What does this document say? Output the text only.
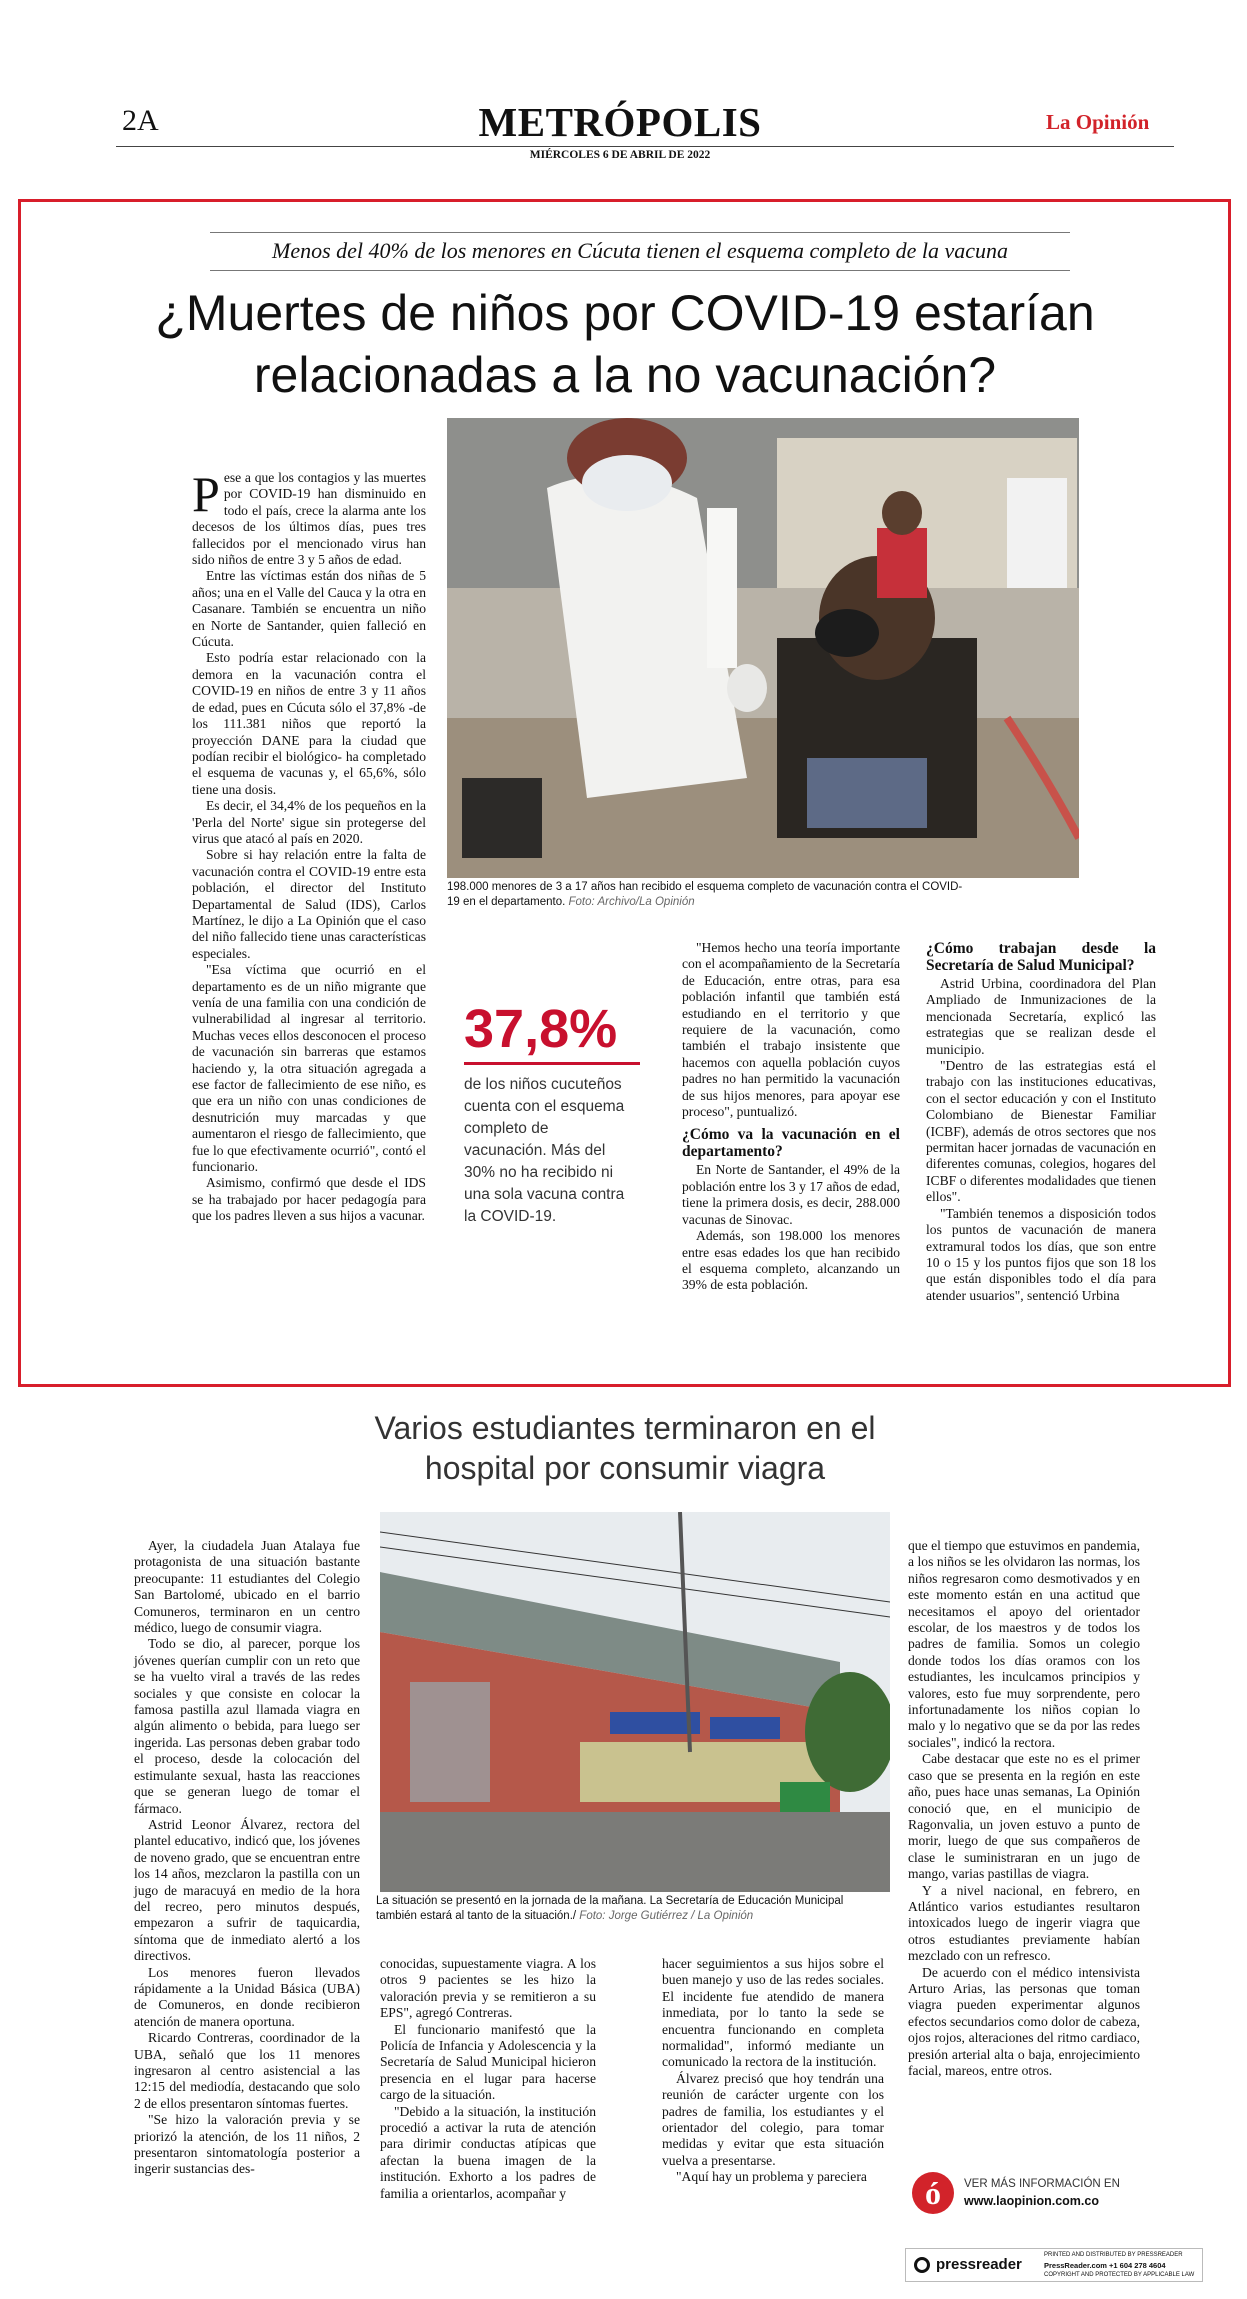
2A	METRÓPOLIS	La Opinión
MIÉRCOLES 6 DE ABRIL DE 2022
Menos del 40% de los menores en Cúcuta tienen el esquema completo de la vacuna
¿Muertes de niños por COVID-19 estarían
relacionadas a la no vacunación?
198.000 menores de 3 a 17 años han recibido el esquema completo de vacunación contra el COVID-19 en el departamento. Foto: Archivo/La Opinión

Pese a que los contagios y las muertes por COVID-19 han disminuido en todo el país, crece la alarma ante los decesos de los últimos días, pues tres fallecidos por el mencionado virus han sido niños de entre 3 y 5 años de edad.

Entre las víctimas están dos niñas de 5 años; una en el Valle del Cauca y la otra en Casanare. También se encuentra un niño en Norte de Santander, quien falleció en Cúcuta.

Esto podría estar relacionado con la demora en la vacunación contra el COVID-19 en niños de entre 3 y 11 años de edad, pues en Cúcuta sólo el 37,8% -de los 111.381 niños que reportó la proyección DANE para la ciudad que podían recibir el biológico- ha completado el esquema de vacunas y, el 65,6%, sólo tiene una dosis.

Es decir, el 34,4% de los pequeños en la 'Perla del Norte' sigue sin protegerse del virus que atacó al país en 2020.

Sobre si hay relación entre la falta de vacunación contra el COVID-19 entre esta población, el director del Instituto Departamental de Salud (IDS), Carlos Martínez, le dijo a La Opinión que el caso del niño fallecido tiene unas características especiales.

"Esa víctima que ocurrió en el departamento es de un niño migrante que venía de una familia con una condición de vulnerabilidad al ingresar al territorio. Muchas veces ellos desconocen el proceso de vacunación sin barreras que estamos haciendo y, la otra situación agregada a ese factor de fallecimiento de ese niño, es que era un niño con unas condiciones de desnutrición muy marcadas y que aumentaron el riesgo de fallecimiento, que fue lo que efectivamente ocurrió", contó el funcionario.

Asimismo, confirmó que desde el IDS se ha trabajado por hacer pedagogía para que los padres lleven a sus hijos a vacunar.

37,8%
de los niños cucuteños cuenta con el esquema completo de vacunación. Más del 30% no ha recibido ni una sola vacuna contra la COVID-19.

"Hemos hecho una teoría importante con el acompañamiento de la Secretaría de Educación, entre otras, para esa población infantil que también está estudiando en el territorio y que requiere de la vacunación, como también el trabajo insistente que hacemos con aquella población cuyos padres no han permitido la vacunación de sus hijos menores, para apoyar ese proceso", puntualizó.

¿Cómo va la vacunación en el departamento?

En Norte de Santander, el 49% de la población entre los 3 y 17 años de edad, tiene la primera dosis, es decir, 288.000 vacunas de Sinovac.

Además, son 198.000 los menores entre esas edades los que han recibido el esquema completo, alcanzando un 39% de esta población.

¿Cómo trabajan desde la Secretaría de Salud Municipal?

Astrid Urbina, coordinadora del Plan Ampliado de Inmunizaciones de la mencionada Secretaría, explicó las estrategias que se realizan desde el municipio.

"Dentro de las estrategias está el trabajo con las instituciones educativas, con el sector educación y con el Instituto Colombiano de Bienestar Familiar (ICBF), además de otros sectores que nos permitan hacer jornadas de vacunación en diferentes comunas, colegios, hogares del ICBF o diferentes modalidades que tienen ellos".

"También tenemos a disposición todos los puntos de vacunación de manera extramural todos los días, que son entre 10 o 15 y los puntos fijos que son 18 los que están disponibles todo el día para atender usuarios", sentenció Urbina

Varios estudiantes terminaron en el
hospital por consumir viagra
La situación se presentó en la jornada de la mañana. La Secretaría de Educación Municipal también estará al tanto de la situación./ Foto: Jorge Gutiérrez / La Opinión

Ayer, la ciudadela Juan Atalaya fue protagonista de una situación bastante preocupante: 11 estudiantes del Colegio San Bartolomé, ubicado en el barrio Comuneros, terminaron en un centro médico, luego de consumir viagra.

Todo se dio, al parecer, porque los jóvenes querían cumplir con un reto que se ha vuelto viral a través de las redes sociales y que consiste en colocar la famosa pastilla azul llamada viagra en algún alimento o bebida, para luego ser ingerida. Las personas deben grabar todo el proceso, desde la colocación del estimulante sexual, hasta las reacciones que se generan luego de tomar el fármaco.

Astrid Leonor Álvarez, rectora del plantel educativo, indicó que, los jóvenes de noveno grado, que se encuentran entre los 14 años, mezclaron la pastilla con un jugo de maracuyá en medio de la hora del recreo, pero minutos después, empezaron a sufrir de taquicardia, síntoma que de inmediato alertó a los directivos.

Los menores fueron llevados rápidamente a la Unidad Básica (UBA) de Comuneros, en donde recibieron atención de manera oportuna.

Ricardo Contreras, coordinador de la UBA, señaló que los 11 menores ingresaron al centro asistencial a las 12:15 del mediodía, destacando que solo 2 de ellos presentaron síntomas fuertes.

"Se hizo la valoración previa y se priorizó la atención, de los 11 niños, 2 presentaron sintomatología posterior a ingerir sustancias des-

conocidas, supuestamente viagra. A los otros 9 pacientes se les hizo la valoración previa y se remitieron a su EPS", agregó Contreras.

El funcionario manifestó que la Policía de Infancia y Adolescencia y la Secretaría de Salud Municipal hicieron presencia en el lugar para hacerse cargo de la situación.

"Debido a la situación, la institución procedió a activar la ruta de atención para dirimir conductas atípicas que afectan la buena imagen de la institución. Exhorto a los padres de familia a orientarlos, acompañar y

hacer seguimientos a sus hijos sobre el buen manejo y uso de las redes sociales. El incidente fue atendido de manera inmediata, por lo tanto la sede se encuentra funcionando en completa normalidad", informó mediante un comunicado la rectora de la institución.

Álvarez precisó que hoy tendrán una reunión de carácter urgente con los padres de familia, los estudiantes y el orientador del colegio, para tomar medidas y evitar que esta situación vuelva a presentarse.

"Aquí hay un problema y pareciera

que el tiempo que estuvimos en pandemia, a los niños se les olvidaron las normas, los niños regresaron como desmotivados y en este momento están en una actitud que necesitamos el apoyo del orientador escolar, de los maestros y de todos los padres de familia. Somos un colegio donde todos los días oramos con los estudiantes, les inculcamos principios y valores, esto fue muy sorprendente, pero infortunadamente los niños copian lo malo y lo negativo que se da por las redes sociales", indicó la rectora.

Cabe destacar que este no es el primer caso que se presenta en la región en este año, pues hace unas semanas, La Opinión conoció que, en el municipio de Ragonvalia, un joven estuvo a punto de morir, luego de que sus compañeros de clase le suministraran en un jugo de mango, varias pastillas de viagra.

Y a nivel nacional, en febrero, en Atlántico varios estudiantes resultaron intoxicados luego de ingerir viagra que otros estudiantes previamente habían mezclado con un refresco.

De acuerdo con el médico intensivista Arturo Arias, las personas que toman viagra pueden experimentar algunos efectos secundarios como dolor de cabeza, ojos rojos, alteraciones del ritmo cardiaco, presión arterial alta o baja, enrojecimiento facial, mareos, entre otros.

ó	VER MÁS INFORMACIÓN EN
www.laopinion.com.co
pressreader
PRINTED AND DISTRIBUTED BY PRESSREADER
PressReader.com +1 604 278 4604
COPYRIGHT AND PROTECTED BY APPLICABLE LAW
